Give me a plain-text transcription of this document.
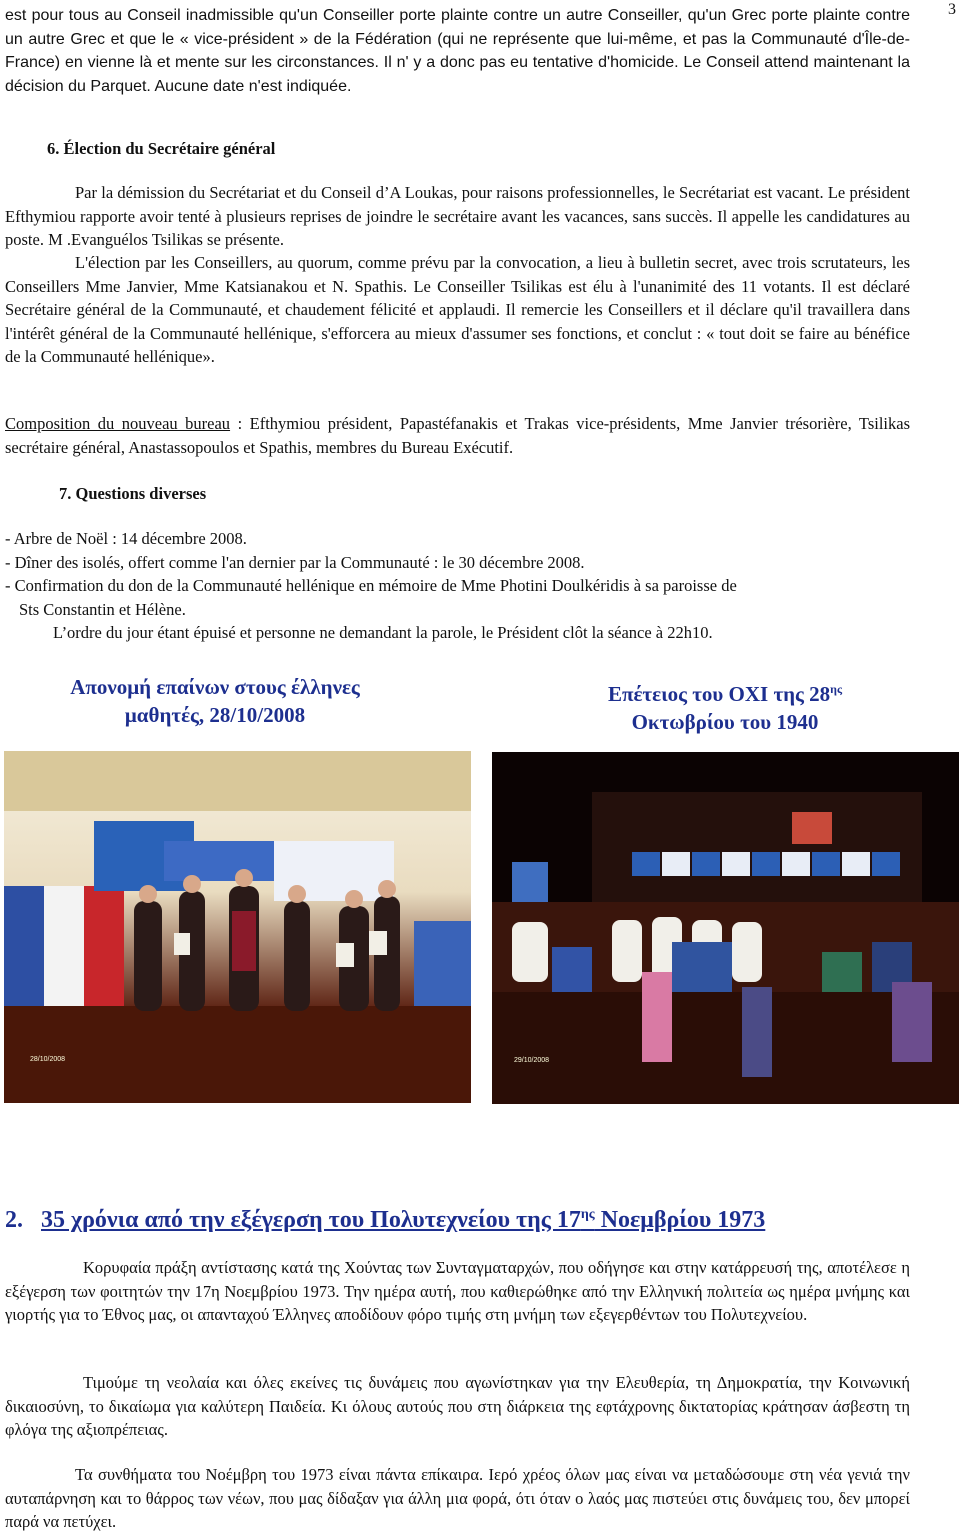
3
est pour tous au Conseil inadmissible qu'un Conseiller porte plainte contre un autre Conseiller, qu'un Grec porte plainte contre un autre Grec et que le « vice-président » de la Fédération (qui ne représente que lui-même, et pas la Communauté d'Île-de-France) en vienne là et mente sur les circonstances. Il n' y a donc pas eu tentative d'homicide. Le Conseil attend maintenant la décision du Parquet. Aucune date n'est indiquée.
6. Élection du Secrétaire général
Par la démission du Secrétariat et du Conseil d’A Loukas, pour raisons professionnelles, le Secrétariat est vacant. Le président Efthymiou rapporte avoir tenté à plusieurs reprises de joindre le secrétaire avant les vacances, sans succès. Il appelle les candidatures au poste. M .Evanguélos Tsilikas se présente.
L'élection par les Conseillers, au quorum, comme prévu par la convocation, a lieu à bulletin secret, avec trois scrutateurs, les Conseillers Mme Janvier, Mme Katsianakou et N. Spathis. Le Conseiller Tsilikas est élu à l'unanimité des 11 votants. Il est déclaré Secrétaire général de la Communauté, et chaudement félicité et applaudi. Il remercie les Conseillers et il déclare qu'il travaillera dans l'intérêt général de la Communauté hellénique, s'efforcera au mieux d'assumer ses fonctions, et conclut : « tout doit se faire au bénéfice de la Communauté hellénique».
Composition du nouveau bureau : Efthymiou président, Papastéfanakis et Trakas vice-présidents, Mme Janvier trésorière, Tsilikas secrétaire général, Anastassopoulos et Spathis, membres du Bureau Exécutif.
7. Questions diverses

- Arbre de Noël : 14 décembre 2008.

- Dîner des isolés, offert comme l'an dernier par la Communauté : le 30 décembre 2008.

- Confirmation du don de la Communauté hellénique en mémoire de Mme Photini Doulkéridis à sa paroisse de

Sts Constantin et Hélène.

L’ordre du jour étant épuisé et personne ne demandant la parole, le Président clôt la séance à 22h10.

Απονομή επαίνων στους έλληνες
μαθητές, 28/10/2008
Επέτειος του ΟΧΙ της $28^{\eta\varsigma}$
Οκτωβρίου του 1940
28/10/2008	29/10/2008
2. 35 χρόνια από την εξέγερση του Πολυτεχνείου της $17^{\eta\varsigma}$ Νοεμβρίου 1973
Κορυφαία πράξη αντίστασης κατά της Χούντας των Συνταγματαρχών, που οδήγησε και στην κατάρρευσή της, αποτέλεσε η εξέγερση των φοιτητών την 17η Νοεμβρίου 1973. Την ημέρα αυτή, που καθιερώθηκε από την Ελληνική πολιτεία ως ημέρα μνήμης και γιορτής για το Έθνος μας, οι απανταχού Έλληνες αποδίδουν φόρο τιμής στη μνήμη των εξεγερθέντων του Πολυτεχνείου.
Τιμούμε τη νεολαία και όλες εκείνες τις δυνάμεις που αγωνίστηκαν για την Ελευθερία, τη Δημοκρατία, την Κοινωνική δικαιοσύνη, το δικαίωμα για καλύτερη Παιδεία. Κι όλους αυτούς που στη διάρκεια της εφτάχρονης δικτατορίας κράτησαν άσβεστη τη φλόγα της αξιοπρέπειας.
Τα συνθήματα του Νοέμβρη του 1973 είναι πάντα επίκαιρα. Ιερό χρέος όλων μας είναι να μεταδώσουμε στη νέα γενιά την αυταπάρνηση και το θάρρος των νέων, που μας δίδαξαν για άλλη μια φορά, ότι όταν ο λαός μας πιστεύει στις δυνάμεις του, δεν μπορεί παρά να πετύχει.
